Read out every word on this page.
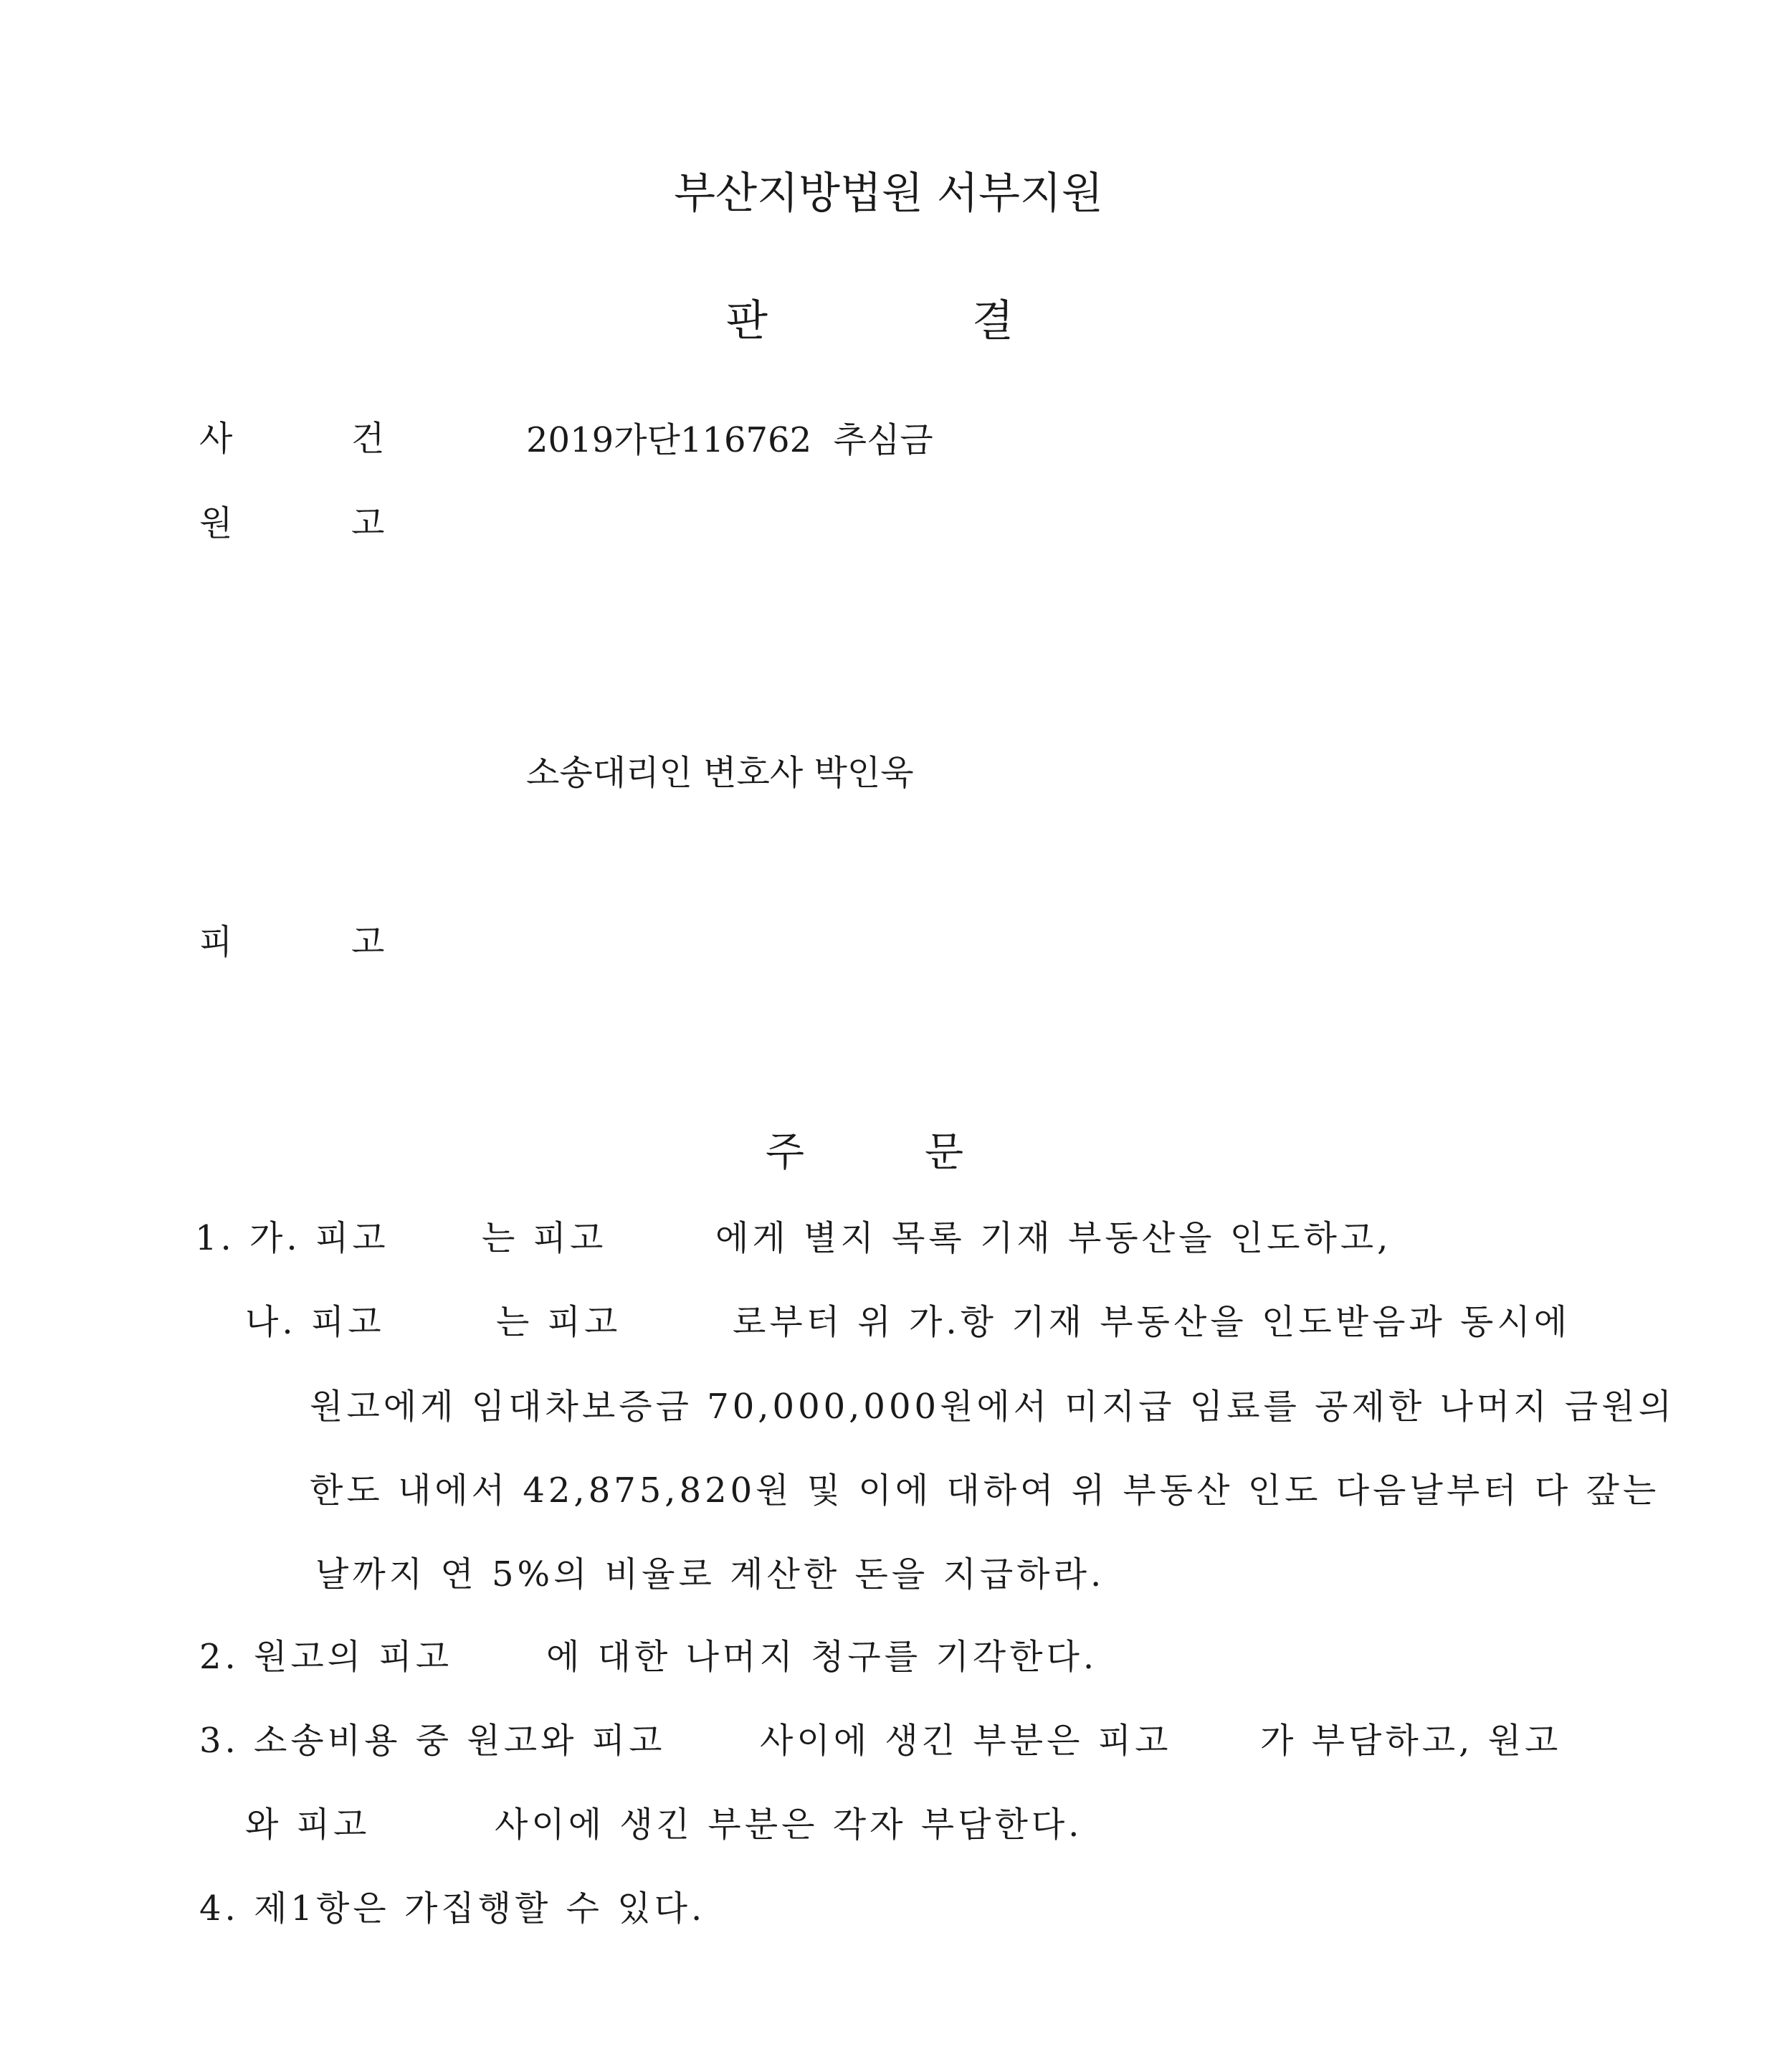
부산지방법원 서부지원
판	결
사	건	2019가단116762  추심금
원	고
소송대리인 변호사 박인욱
피	고
주	문
1. 가. 피고	는 피고	에게 별지 목록 기재 부동산을 인도하고,
나. 피고	는 피고	로부터 위 가.항 기재 부동산을 인도받음과 동시에
원고에게 임대차보증금 70,000,000원에서 미지급 임료를 공제한 나머지 금원의
한도 내에서 42,875,820원 및 이에 대하여 위 부동산 인도 다음날부터 다 갚는
날까지 연 5%의 비율로 계산한 돈을 지급하라.
2. 원고의 피고	에 대한 나머지 청구를 기각한다.
3. 소송비용 중 원고와 피고	사이에 생긴 부분은 피고	가 부담하고, 원고
와 피고	사이에 생긴 부분은 각자 부담한다.
4. 제1항은 가집행할 수 있다.
